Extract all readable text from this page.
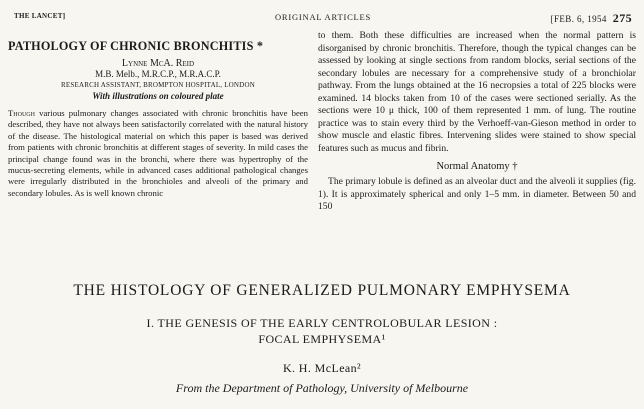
THE LANCET]	ORIGINAL ARTICLES	[FEB. 6, 1954 275
PATHOLOGY OF CHRONIC BRONCHITIS *
Lynne McA. Reid
M.B. Melb., M.R.C.P., M.R.A.C.P.
RESEARCH ASSISTANT, BROMPTON HOSPITAL, LONDON
With illustrations on coloured plate
Though various pulmonary changes associated with chronic bronchitis have been described, they have not always been satisfactorily correlated with the natural history of the disease. The histological material on which this paper is based was derived from patients with chronic bronchitis at different stages of severity. In mild cases the principal change found was in the bronchi, where there was hypertrophy of the mucus-secreting elements, while in advanced cases additional pathological changes were irregularly distributed in the bronchioles and alveoli of the primary and secondary lobules. As is well known chronic

to them. Both these difficulties are increased when the normal pattern is disorganised by chronic bronchitis. Therefore, though the typical changes can be assessed by looking at single sections from random blocks, serial sections of the secondary lobules are necessary for a comprehensive study of a bronchiolar pathway. From the lungs obtained at the 16 necropsies a total of 225 blocks were examined. 14 blocks taken from 10 of the cases were sectioned serially. As the sections were 10 μ thick, 100 of them represented 1 mm. of lung. The routine practice was to stain every third by the Verhoeff-van-Gieson method in order to show muscle and elastic fibres. Intervening slides were stained to show special features such as mucus and fibrin.

Normal Anatomy †

The primary lobule is defined as an alveolar duct and the alveoli it supplies (fig. 1). It is approximately spherical and only 1–5 mm. in diameter. Between 50 and 150

THE HISTOLOGY OF GENERALIZED PULMONARY EMPHYSEMA
I. THE GENESIS OF THE EARLY CENTROLOBULAR LESION :
FOCAL EMPHYSEMA¹
K. H. McLean²
From the Department of Pathology, University of Melbourne
